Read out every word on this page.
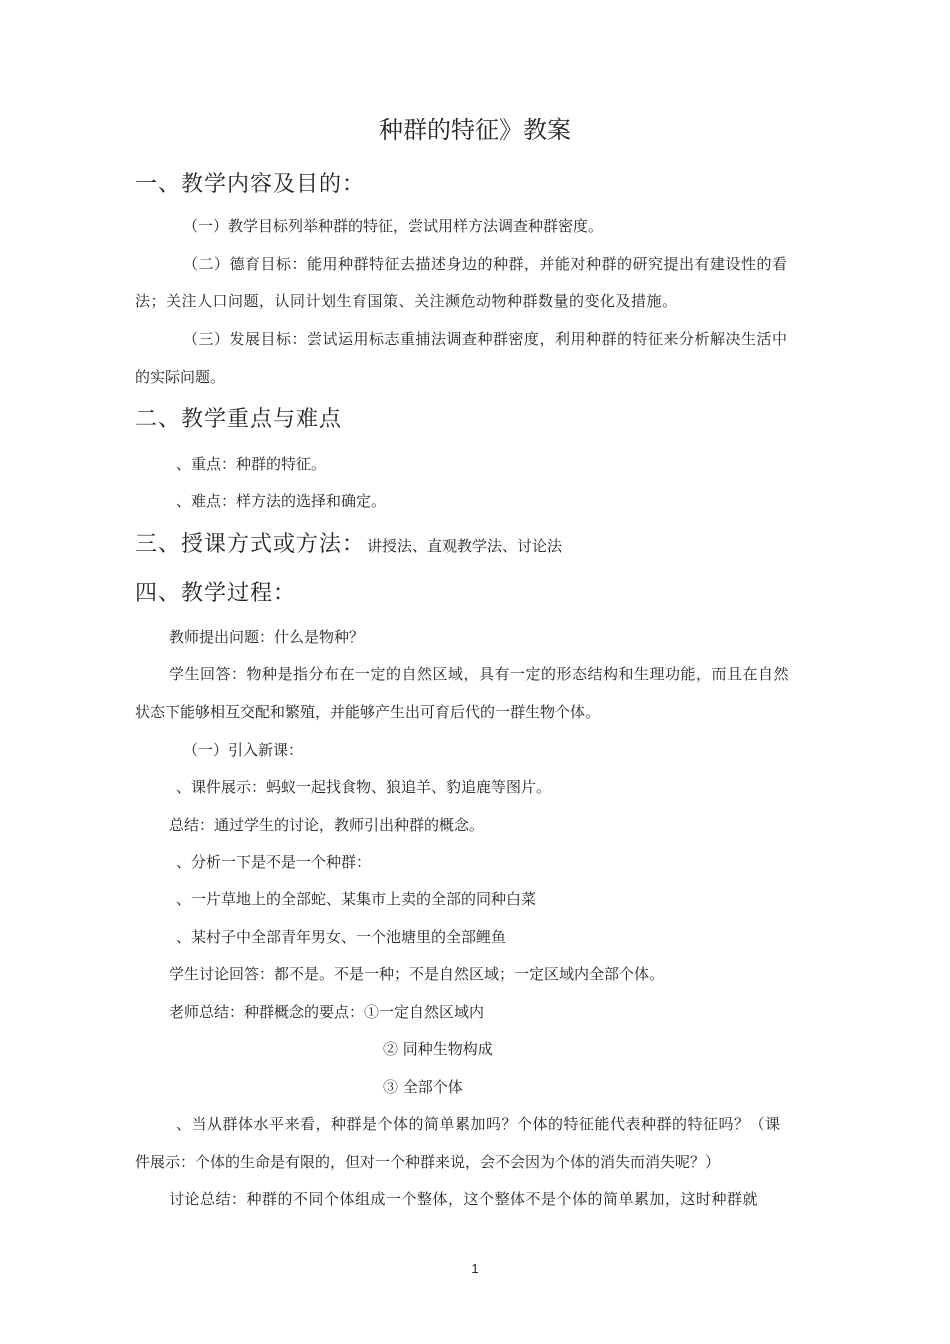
种群的特征》教案
一、教学内容及目的：
（一）教学目标列举种群的特征，尝试用样方法调查种群密度。
（二）德育目标：能用种群特征去描述身边的种群，并能对种群的研究提出有建设性的看
法；关注人口问题，认同计划生育国策、关注濒危动物种群数量的变化及措施。
（三）发展目标：尝试运用标志重捕法调查种群密度，利用种群的特征来分析解决生活中
的实际问题。
二、教学重点与难点
、重点：种群的特征。
、难点：样方法的选择和确定。
三、授课方式或方法： 讲授法、直观教学法、讨论法
四、教学过程：
教师提出问题：什么是物种？
学生回答：物种是指分布在一定的自然区域，具有一定的形态结构和生理功能，而且在自然
状态下能够相互交配和繁殖，并能够产生出可育后代的一群生物个体。
（一）引入新课：
、课件展示：蚂蚁一起找食物、狼追羊、豹追鹿等图片。
总结：通过学生的讨论，教师引出种群的概念。
、分析一下是不是一个种群：
、一片草地上的全部蛇、某集市上卖的全部的同种白菜
、某村子中全部青年男女、一个池塘里的全部鲤鱼
学生讨论回答：都不是。不是一种；不是自然区域；一定区域内全部个体。
老师总结：种群概念的要点：①一定自然区域内
② 同种生物构成
③ 全部个体
、当从群体水平来看，种群是个体的简单累加吗？个体的特征能代表种群的特征吗？（课
件展示：个体的生命是有限的，但对一个种群来说，会不会因为个体的消失而消失呢？）
讨论总结：种群的不同个体组成一个整体，这个整体不是个体的简单累加，这时种群就
1
